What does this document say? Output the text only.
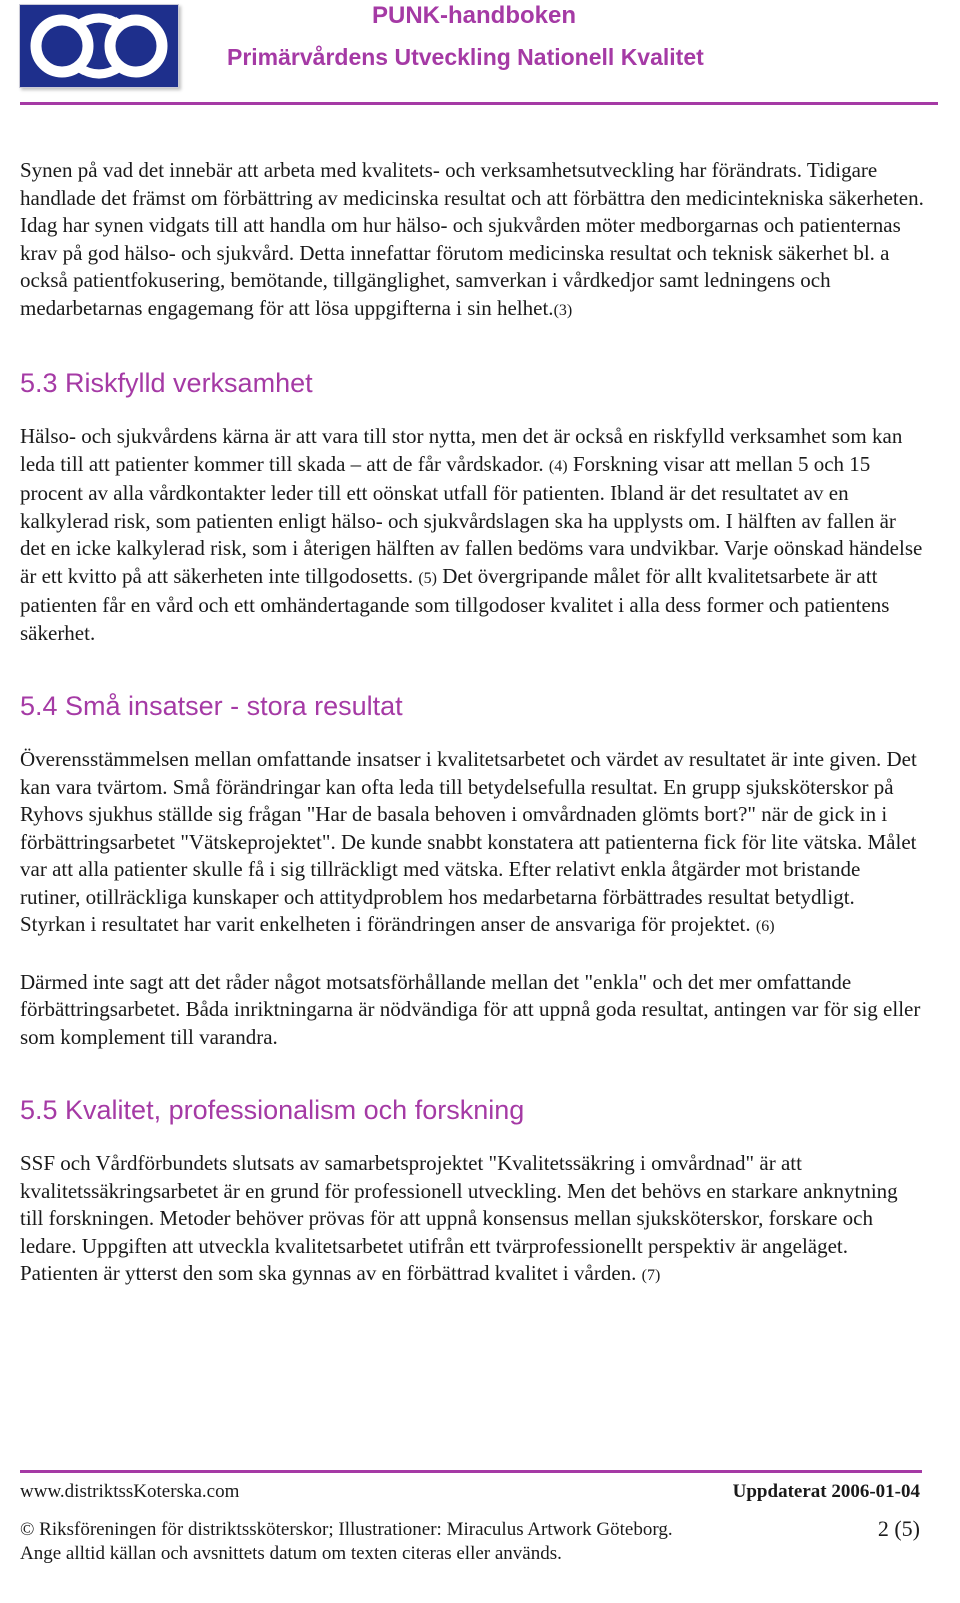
PUNK-handboken
Primärvårdens Utveckling Nationell Kvalitet

Synen på vad det innebär att arbeta med kvalitets- och verksamhetsutveckling har förändrats. Tidigare handlade det främst om förbättring av medicinska resultat och att förbättra den medicintekniska säkerheten. Idag har synen vidgats till att handla om hur hälso- och sjukvården möter medborgarnas och patienternas krav på god hälso- och sjukvård. Detta innefattar förutom medicinska resultat och teknisk säkerhet bl. a också patientfokusering, bemötande, tillgänglighet, samverkan i vårdkedjor samt ledningens och medarbetarnas engagemang för att lösa uppgifterna i sin helhet.(3)

5.3 Riskfylld verksamhet

Hälso- och sjukvårdens kärna är att vara till stor nytta, men det är också en riskfylld verksamhet som kan leda till att patienter kommer till skada – att de får vårdskador. (4) Forskning visar att mellan 5 och 15 procent av alla vårdkontakter leder till ett oönskat utfall för patienten. Ibland är det resultatet av en kalkylerad risk, som patienten enligt hälso- och sjukvårdslagen ska ha upplysts om. I hälften av fallen är det en icke kalkylerad risk, som i återigen hälften av fallen bedöms vara undvikbar. Varje oönskad händelse är ett kvitto på att säkerheten inte tillgodosetts. (5) Det övergripande målet för allt kvalitetsarbete är att patienten får en vård och ett omhändertagande som tillgodoser kvalitet i alla dess former och patientens säkerhet.

5.4 Små insatser - stora resultat

Överensstämmelsen mellan omfattande insatser i kvalitetsarbetet och värdet av resultatet är inte given. Det kan vara tvärtom. Små förändringar kan ofta leda till betydelsefulla resultat. En grupp sjuksköterskor på Ryhovs sjukhus ställde sig frågan "Har de basala behoven i omvårdnaden glömts bort?" när de gick in i förbättringsarbetet "Vätskeprojektet". De kunde snabbt konstatera att patienterna fick för lite vätska. Målet var att alla patienter skulle få i sig tillräckligt med vätska. Efter relativt enkla åtgärder mot bristande rutiner, otillräckliga kunskaper och attitydproblem hos medarbetarna förbättrades resultat betydligt. Styrkan i resultatet har varit enkelheten i förändringen anser de ansvariga för projektet. (6)

Därmed inte sagt att det råder något motsatsförhållande mellan det "enkla" och det mer omfattande förbättringsarbetet. Båda inriktningarna är nödvändiga för att uppnå goda resultat, antingen var för sig eller som komplement till varandra.

5.5 Kvalitet, professionalism och forskning

SSF och Vårdförbundets slutsats av samarbetsprojektet "Kvalitetssäkring i omvårdnad" är att kvalitetssäkringsarbetet är en grund för professionell utveckling. Men det behövs en starkare anknytning till forskningen. Metoder behöver prövas för att uppnå konsensus mellan sjuksköterskor, forskare och ledare. Uppgiften att utveckla kvalitetsarbetet utifrån ett tvärprofessionellt perspektiv är angeläget. Patienten är ytterst den som ska gynnas av en förbättrad kvalitet i vården. (7)

www.distriktssKoterska.com	Uppdaterat 2006-01-04
© Riksföreningen för distriktssköterskor; Illustrationer: Miraculus Artwork Göteborg.
Ange alltid källan och avsnittets datum om texten citeras eller används.
2 (5)
